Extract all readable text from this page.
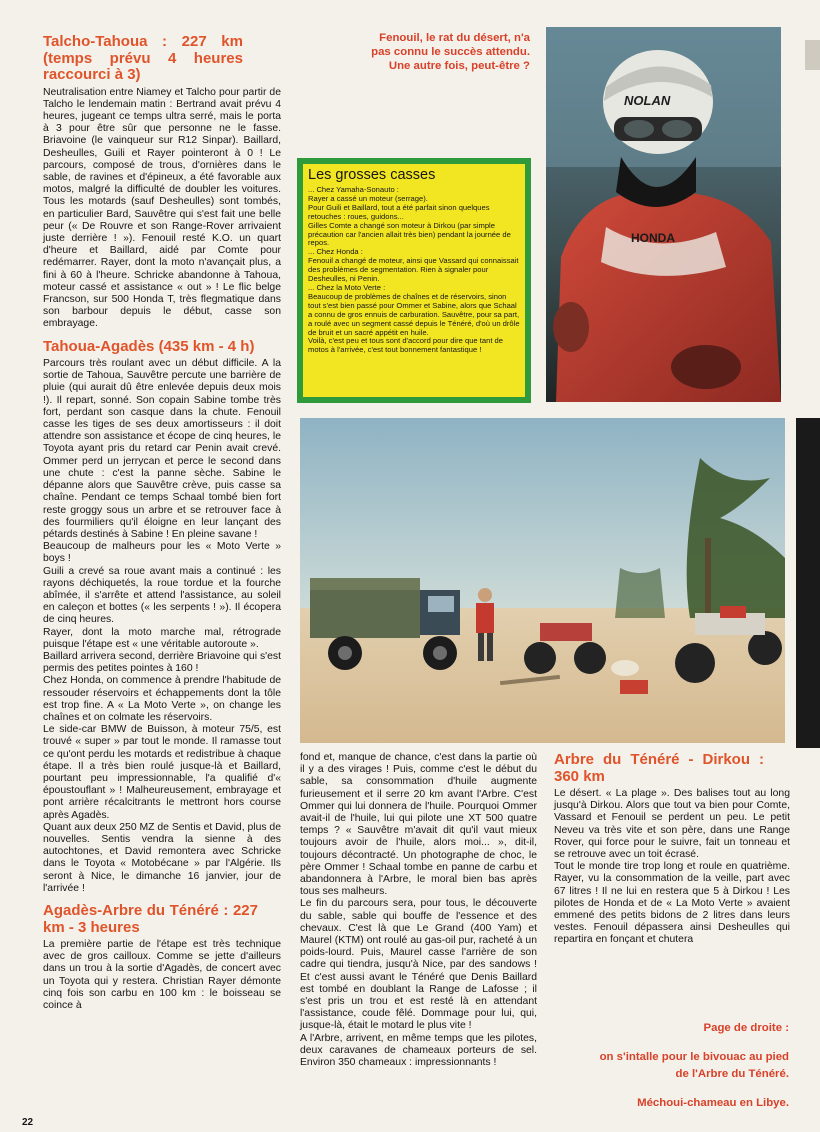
Talcho-Tahoua : 227 km (temps prévu 4 heures raccourci à 3)

Neutralisation entre Niamey et Talcho pour partir de Talcho le lendemain matin : Bertrand avait prévu 4 heures, jugeant ce temps ultra serré, mais le porta à 3 pour être sûr que personne ne le fasse. Briavoine (le vainqueur sur R12 Sinpar). Baillard, Desheulles, Guili et Rayer pointeront à 0 ! Le parcours, composé de trous, d'ornières dans le sable, de ravines et d'épineux, a été favorable aux motos, malgré la difficulté de doubler les voitures. Tous les motards (sauf Desheulles) sont tombés, en particulier Bard, Sauvêtre qui s'est fait une belle peur (« De Rouvre et son Range-Rover arrivaient juste derrière ! »). Fenouil resté K.O. un quart d'heure et Baillard, aidé par Comte pour redémarrer. Rayer, dont la moto n'avançait plus, a fini à 60 à l'heure. Schricke abandonne à Tahoua, moteur cassé et assistance « out » ! Le flic belge Francson, sur 500 Honda T, très flegmatique dans son barbour depuis le début, casse son embrayage.

Tahoua-Agadès (435 km - 4 h)

Parcours très roulant avec un début difficile. A la sortie de Tahoua, Sauvêtre percute une barrière de pluie (qui aurait dû être enlevée depuis deux mois !). Il repart, sonné. Son copain Sabine tombe très fort, perdant son casque dans la chute. Fenouil casse les tiges de ses deux amortisseurs : il doit attendre son assistance et écope de cinq heures, le Toyota ayant pris du retard car Penin avait crevé. Ommer perd un jerrycan et perce le second dans une chute : c'est la panne sèche. Sabine le dépanne alors que Sauvêtre crève, puis casse sa chaîne. Pendant ce temps Schaal tombé bien fort reste groggy sous un arbre et se retrouver face à des fourmiliers qu'il éloigne en leur lançant des pétards destinés à Sabine ! En pleine savane !

Beaucoup de malheurs pour les « Moto Verte » boys !

Guili a crevé sa roue avant mais a continué : les rayons déchiquetés, la roue tordue et la fourche abîmée, il s'arrête et attend l'assistance, au soleil en caleçon et bottes (« les serpents ! »). Il écopera de cinq heures.

Rayer, dont la moto marche mal, rétrograde puisque l'étape est « une véritable autoroute ».

Baillard arrivera second, derrière Briavoine qui s'est permis des petites pointes à 160 !

Chez Honda, on commence à prendre l'habitude de ressouder réservoirs et échappements dont la tôle est trop fine. A « La Moto Verte », on change les chaînes et on colmate les réservoirs.

Le side-car BMW de Buisson, à moteur 75/5, est trouvé « super » par tout le monde. Il ramasse tout ce qu'ont perdu les motards et redistribue à chaque étape. Il a très bien roulé jusque-là et Baillard, pourtant peu impressionnable, l'a qualifié d'« époustouflant » ! Malheureusement, embrayage et pont arrière récalcitrants le mettront hors course après Agadès.

Quant aux deux 250 MZ de Sentis et David, plus de nouvelles. Sentis vendra la sienne à des autochtones, et David remontera avec Schricke dans le Toyota « Motobécane » par l'Algérie. Ils seront à Nice, le dimanche 16 janvier, jour de l'arrivée !

Agadès-Arbre du Ténéré : 227 km - 3 heures

La première partie de l'étape est très technique avec de gros cailloux. Comme se jette d'ailleurs dans un trou à la sortie d'Agadès, de concert avec un Toyota qui y restera. Christian Rayer démonte cinq fois son carbu en 100 km : le boisseau se coince à

22
Fenouil, le rat du désert, n'a pas connu le succès attendu. Une autre fois, peut-être ?
Les grosses casses

... Chez Yamaha-Sonauto :

Rayer a cassé un moteur (serrage).

Pour Guili et Baillard, tout a été parfait sinon quelques retouches : roues, guidons...

Gilles Comte a changé son moteur à Dirkou (par simple précaution car l'ancien allait très bien) pendant la journée de repos.

... Chez Honda :

Fenouil a changé de moteur, ainsi que Vassard qui connaissait des problèmes de segmentation. Rien à signaler pour Desheulles, ni Penin.

... Chez la Moto Verte :

Beaucoup de problèmes de chaînes et de réservoirs, sinon tout s'est bien passé pour Ommer et Sabine, alors que Schaal a connu de gros ennuis de carburation. Sauvêtre, pour sa part, a roulé avec un segment cassé depuis le Ténéré, d'où un drôle de bruit et un sacré appétit en huile.

Voilà, c'est peu et tous sont d'accord pour dire que tant de motos à l'arrivée, c'est tout bonnement fantastique !

HONDA
NOLAN

fond et, manque de chance, c'est dans la partie où il y a des virages ! Puis, comme c'est le début du sable, sa consommation d'huile augmente furieusement et il serre 20 km avant l'Arbre. C'est Ommer qui lui donnera de l'huile. Pourquoi Ommer avait-il de l'huile, lui qui pilote une XT 500 quatre temps ? « Sauvêtre m'avait dit qu'il vaut mieux toujours avoir de l'huile, alors moi... », dit-il, toujours décontracté. Un photographe de choc, le père Ommer ! Schaal tombe en panne de carbu et abandonnera à l'Arbre, le moral bien bas après tous ses malheurs.

Le fin du parcours sera, pour tous, le découverte du sable, sable qui bouffe de l'essence et des chevaux. C'est là que Le Grand (400 Yam) et Maurel (KTM) ont roulé au gas-oil pur, racheté à un poids-lourd. Puis, Maurel casse l'arrière de son cadre qui tiendra, jusqu'à Nice, par des sandows ! Et c'est aussi avant le Ténéré que Denis Baillard est tombé en doublant la Range de Lafosse ; il s'est pris un trou et est resté là en attendant l'assistance, coude fêlé. Dommage pour lui, qui, jusque-là, était le motard le plus vite !

A l'Arbre, arrivent, en même temps que les pilotes, deux caravanes de chameaux porteurs de sel. Environ 350 chameaux : impressionnants !

Arbre du Ténéré - Dirkou : 360 km

Le désert. « La plage ». Des balises tout au long jusqu'à Dirkou. Alors que tout va bien pour Comte, Vassard et Fenouil se perdent un peu. Le petit Neveu va très vite et son père, dans une Range Rover, qui force pour le suivre, fait un tonneau et se retrouve avec un toit écrasé.

Tout le monde tire trop long et roule en quatrième. Rayer, vu la consommation de la veille, part avec 67 litres ! Il ne lui en restera que 5 à Dirkou ! Les pilotes de Honda et de « La Moto Verte » avaient emmené des petits bidons de 2 litres dans leurs vestes. Fenouil dépassera ainsi Desheulles qui repartira en fonçant et chutera

Page de droite :
on s'intalle pour le bivouac au pied de l'Arbre du Ténéré.
Méchoui-chameau en Libye.
